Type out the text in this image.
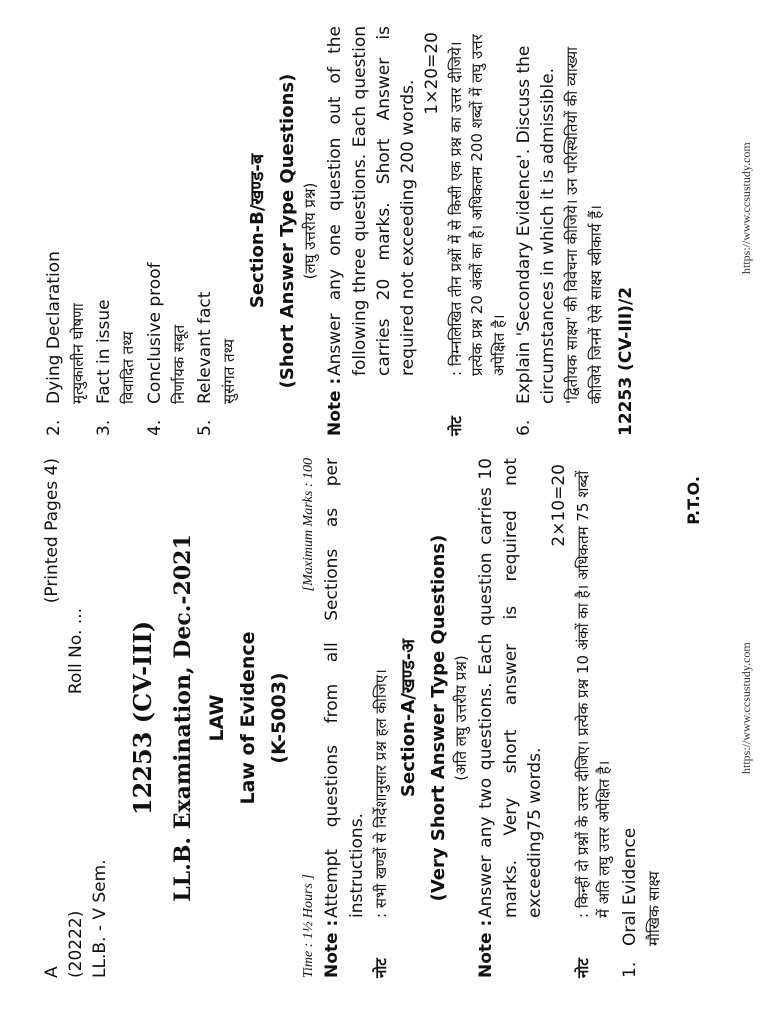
A
(Printed Pages 4)
(20222)
Roll No. ...

LL.B. - V Sem.

12253 (CV-III) LL.B. Examination, Dec.-2021 LAW Law of Evidence (K-5003)

Time : 1½ Hours ]
[Maximum Marks : 100
Note :
Attempt questions from all Sections as per instructions.
नोट
: सभी खण्डों से निर्देशानुसार प्रश्न हल कीजिए। Section-A/खण्ड-अ (Very Short Answer Type Questions) (अति लघु उत्तरीय प्रश्न)

Note :
Answer any two questions. Each question carries 10 marks. Very short answer is required not exceeding75 words.

2×10=20

नोट
: किन्हीं दो प्रश्नों के उत्तर दीजिए। प्रत्येक प्रश्न 10 अंकों का है। अधिकतम 75 शब्दों में अति लघु उत्तर अपेक्षित है।
1.
Oral Evidence मौखिक साक्ष्य
P.T.O.
2.
Dying Declaration मृत्युकालीन घोषणा
3.
Fact in issue विवादित तथ्य
4.
Conclusive proof निर्णायक सबूत
5.
Relevant fact सुसंगत तथ्य

Section-B/खण्ड-ब (Short Answer Type Questions) (लघु उत्तरीय प्रश्न)

Note :
Answer any one question out of the following three questions. Each question carries 20 marks. Short Answer is required not exceeding 200 words.

1×20=20

नोट
: निम्नलिखित तीन प्रश्नों में से किसी एक प्रश्न का उत्तर दीजिये। प्रत्येक प्रश्न 20 अंकों का है। अधिकतम 200 शब्दों में लघु उत्तर अपेक्षित है।
6.
Explain 'Secondary Evidence'. Discuss the circumstances in which it is admissible. 'द्वितीयक साक्ष्य' की विवेचना कीजिये। उन परिस्थितियों की व्याख्या कीजिये जिनमें ऐसे साक्ष्य स्वीकार्य हैं। 12253 (CV-III)/2

https://www.ccsustudy.com
https://www.ccsustudy.com
